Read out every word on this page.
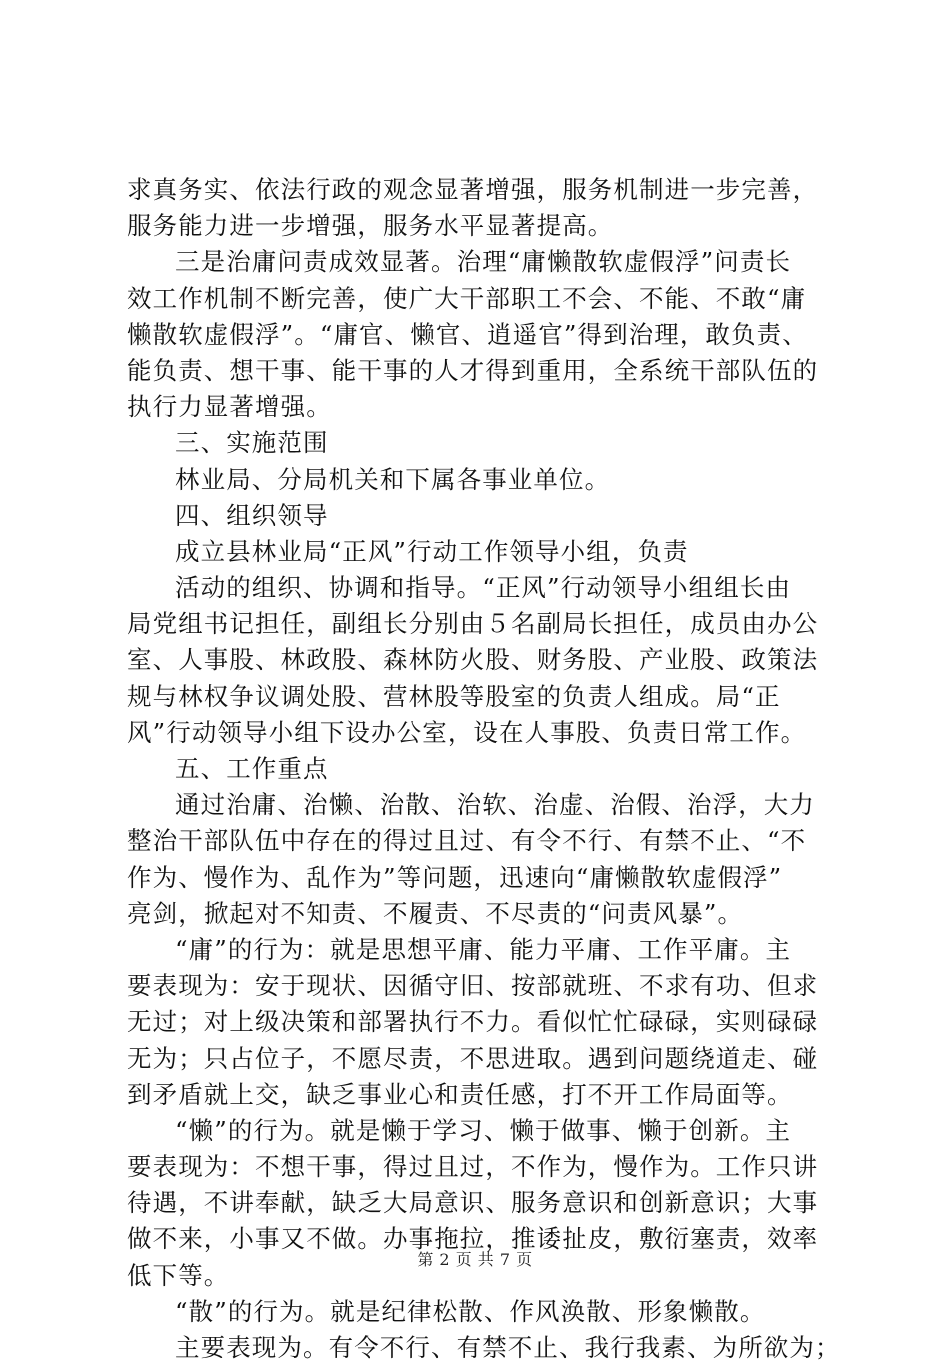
求真务实、依法行政的观念显著增强，服务机制进一步完善，
服务能力进一步增强，服务水平显著提高。
三是治庸问责成效显著。治理“庸懒散软虚假浮”问责长
效工作机制不断完善，使广大干部职工不会、不能、不敢“庸
懒散软虚假浮”。“庸官、懒官、逍遥官”得到治理，敢负责、
能负责、想干事、能干事的人才得到重用，全系统干部队伍的
执行力显著增强。
三、实施范围
林业局、分局机关和下属各事业单位。
四、组织领导
成立县林业局“正风”行动工作领导小组，负责
活动的组织、协调和指导。“正风”行动领导小组组长由
局党组书记担任，副组长分别由５名副局长担任，成员由办公
室、人事股、林政股、森林防火股、财务股、产业股、政策法
规与林权争议调处股、营林股等股室的负责人组成。局“正
风”行动领导小组下设办公室，设在人事股、负责日常工作。
五、工作重点
通过治庸、治懒、治散、治软、治虚、治假、治浮，大力
整治干部队伍中存在的得过且过、有令不行、有禁不止、“不
作为、慢作为、乱作为”等问题，迅速向“庸懒散软虚假浮”
亮剑，掀起对不知责、不履责、不尽责的“问责风暴”。
“庸”的行为：就是思想平庸、能力平庸、工作平庸。主
要表现为：安于现状、因循守旧、按部就班、不求有功、但求
无过；对上级决策和部署执行不力。看似忙忙碌碌，实则碌碌
无为；只占位子，不愿尽责，不思进取。遇到问题绕道走、碰
到矛盾就上交，缺乏事业心和责任感，打不开工作局面等。
“懒”的行为。就是懒于学习、懒于做事、懒于创新。主
要表现为：不想干事，得过且过，不作为，慢作为。工作只讲
待遇，不讲奉献，缺乏大局意识、服务意识和创新意识；大事
做不来，小事又不做。办事拖拉，推诿扯皮，敷衍塞责，效率
低下等。
“散”的行为。就是纪律松散、作风涣散、形象懒散。
主要表现为。有令不行、有禁不止、我行我素、为所欲为；
第 2 页 共 7 页
